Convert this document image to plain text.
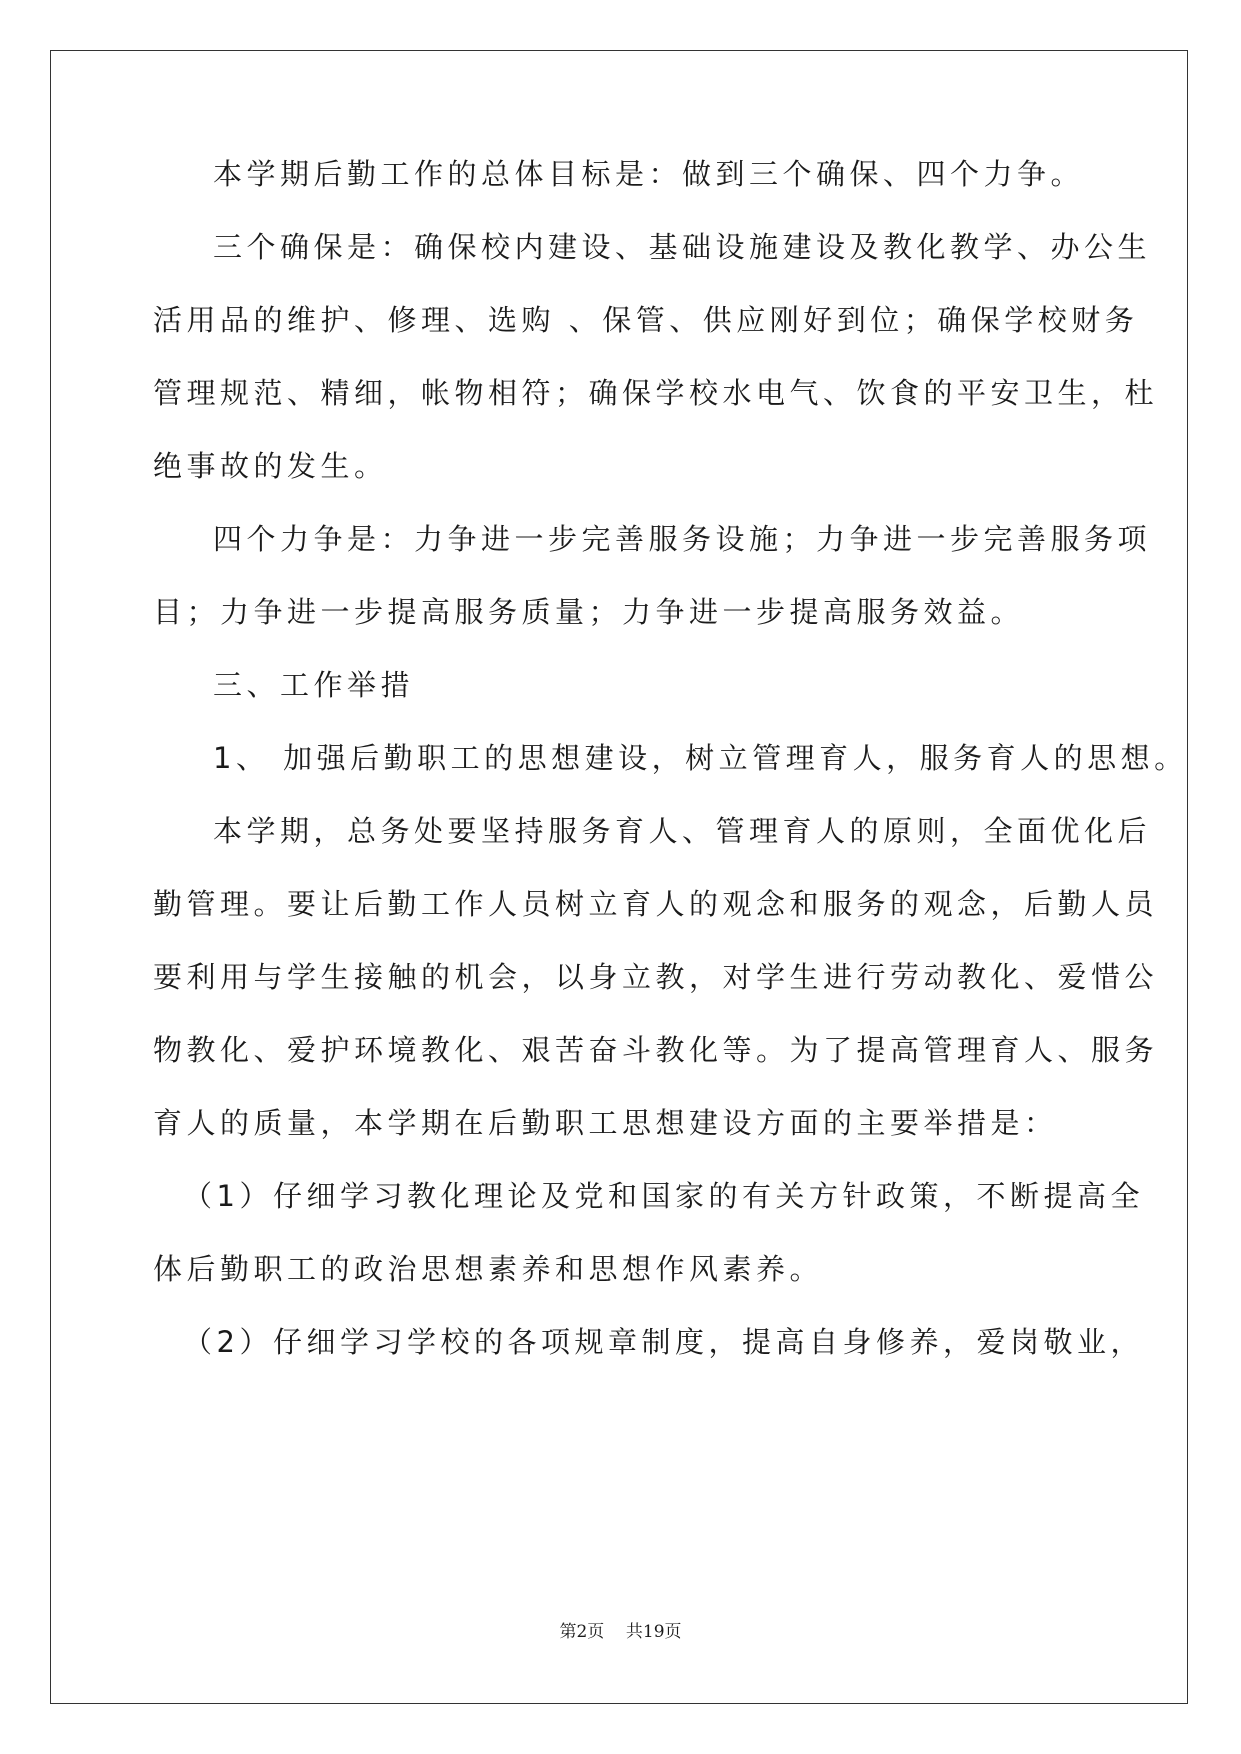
本学期后勤工作的总体目标是：做到三个确保、四个力争。
三个确保是：确保校内建设、基础设施建设及教化教学、办公生
活用品的维护、修理、选购 、保管、供应刚好到位；确保学校财务
管理规范、精细，帐物相符；确保学校水电气、饮食的平安卫生，杜
绝事故的发生。
四个力争是：力争进一步完善服务设施；力争进一步完善服务项
目；力争进一步提高服务质量；力争进一步提高服务效益。
三、工作举措
1、 加强后勤职工的思想建设，树立管理育人，服务育人的思想。
本学期，总务处要坚持服务育人、管理育人的原则，全面优化后
勤管理。要让后勤工作人员树立育人的观念和服务的观念，后勤人员
要利用与学生接触的机会，以身立教，对学生进行劳动教化、爱惜公
物教化、爱护环境教化、艰苦奋斗教化等。为了提高管理育人、服务
育人的质量，本学期在后勤职工思想建设方面的主要举措是：
（1）仔细学习教化理论及党和国家的有关方针政策，不断提高全
体后勤职工的政治思想素养和思想作风素养。
（2）仔细学习学校的各项规章制度，提高自身修养，爱岗敬业，
第2页 共19页
